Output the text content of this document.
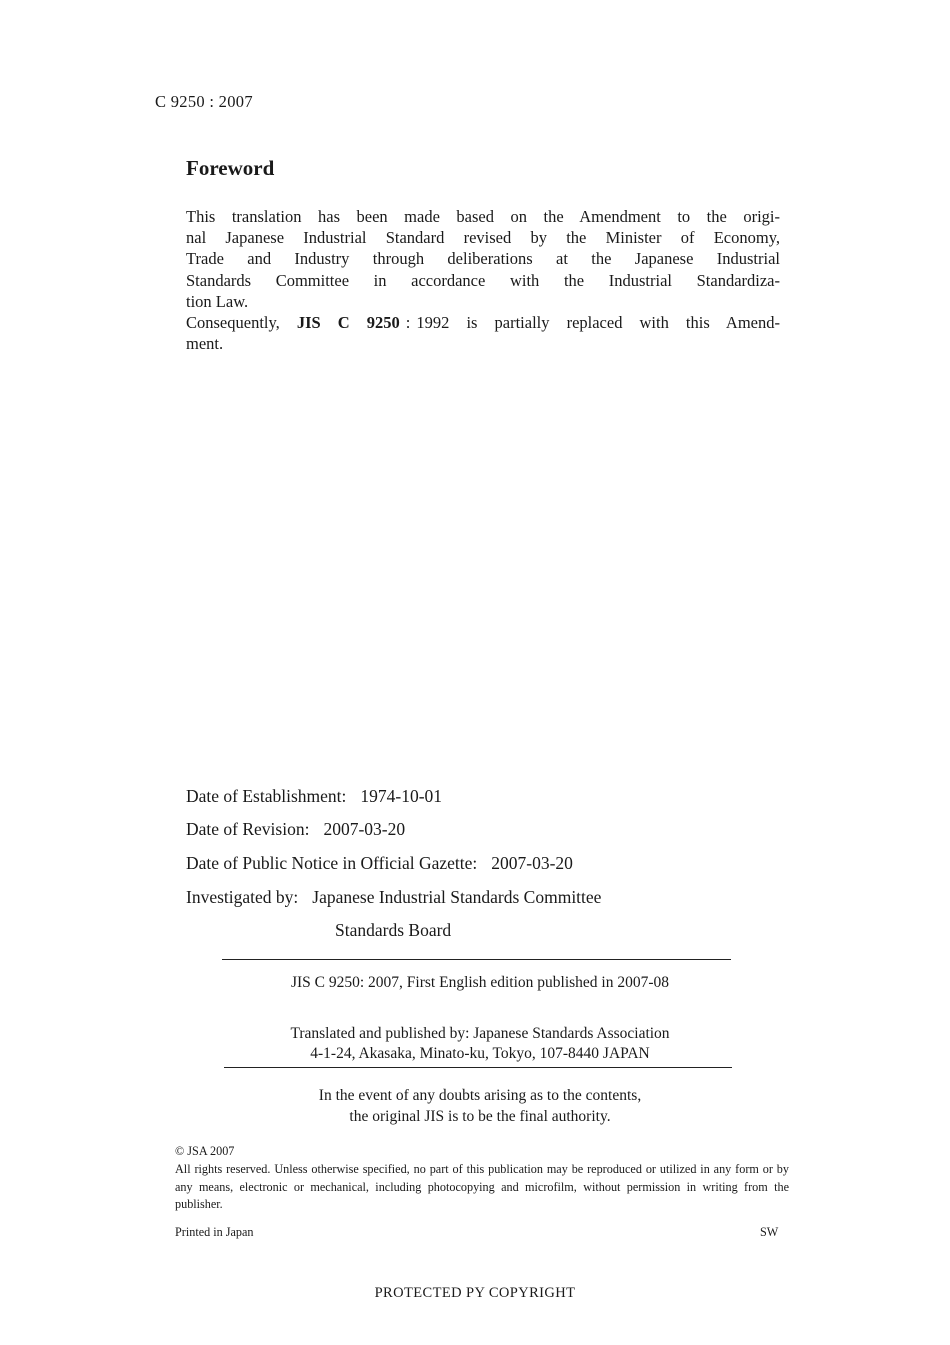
C 9250 : 2007
Foreword
This translation has been made based on the Amendment to the origi-
nal Japanese Industrial Standard revised by the Minister of Economy,
Trade and Industry through deliberations at the Japanese Industrial
Standards Committee in accordance with the Industrial Standardiza-
tion Law.
Consequently, JIS C 9250 : 1992 is partially replaced with this Amend-
ment.
Date of Establishment: 1974-10-01
Date of Revision: 2007-03-20
Date of Public Notice in Official Gazette: 2007-03-20
Investigated by: Japanese Industrial Standards Committee
Standards Board
JIS C 9250: 2007, First English edition published in 2007-08
Translated and published by: Japanese Standards Association
4-1-24, Akasaka, Minato-ku, Tokyo, 107-8440 JAPAN
In the event of any doubts arising as to the contents,
the original JIS is to be the final authority.
© JSA 2007
All rights reserved. Unless otherwise specified, no part of this publication may be reproduced or utilized in any form or by any means, electronic or mechanical, including photocopying and microfilm, without permission in writing from the publisher.
Printed in Japan	SW
PROTECTED PY COPYRIGHT
